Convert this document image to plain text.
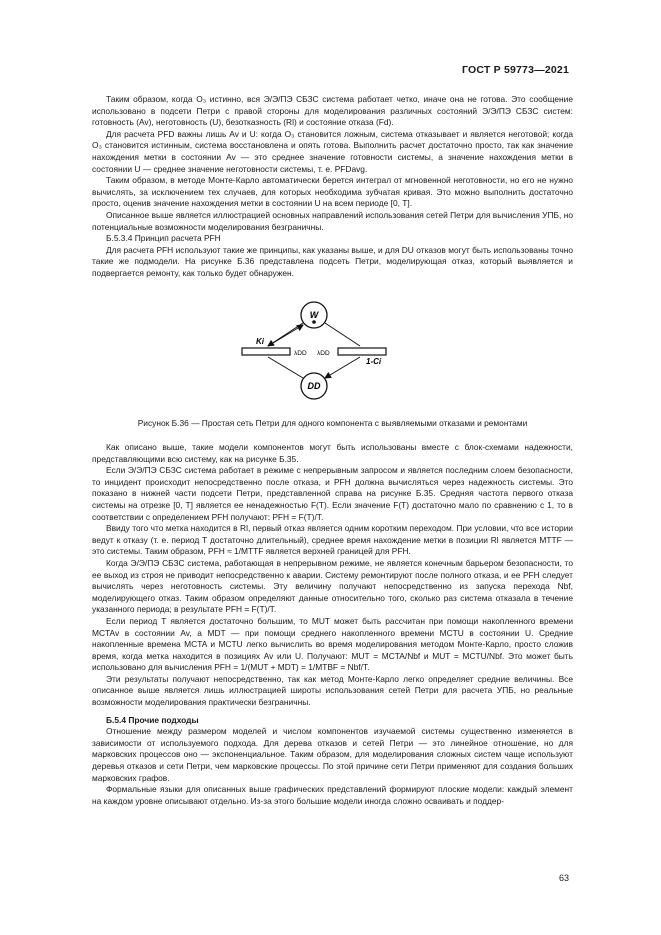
ГОСТ Р 59773—2021

Таким образом, когда O₃ истинно, вся Э/Э/ПЭ СБЗС система работает четко, иначе она не готова. Это сообщение использовано в подсети Петри с правой стороны для моделирования различных состояний Э/Э/ПЭ СБЗС систем: готовность (Av), неготовность (U), безотказность (Rl) и состояние отказа (Fd).

Для расчета PFD важны лишь Av и U: когда O₃ становится ложным, система отказывает и является неготовой; когда O₃ становится истинным, система восстановлена и опять готова. Выполнить расчет достаточно просто, так как значение нахождения метки в состоянии Av — это среднее значение готовности системы, а значение нахождения метки в состоянии U — среднее значение неготовности системы, т. е. PFDavg.

Таким образом, в методе Монте-Карло автоматически берется интеграл от мгновенной неготовности, но его не нужно вычислять, за исключением тех случаев, для которых необходима зубчатая кривая. Это можно выполнить достаточно просто, оценив значение нахождения метки в состоянии U на всем периоде [0, T].

Описанное выше является иллюстрацией основных направлений использования сетей Петри для вычисления УПБ, но потенциальные возможности моделирования безграничны.

Б.5.3.4 Принцип расчета PFH

Для расчета PFH используют такие же принципы, как указаны выше, и для DU отказов могут быть использованы точно такие же подмодели. На рисунке Б.36 представлена подсеть Петри, моделирующая отказ, который выявляется и подвергается ремонту, как только будет обнаружен.

W
DD
Ki
1-Ci
λDD λDD
Рисунок Б.36 — Простая сеть Петри для одного компонента с выявляемыми отказами и ремонтами

Как описано выше, такие модели компонентов могут быть использованы вместе с блок-схемами надежности, представляющими всю систему, как на рисунке Б.35.

Если Э/Э/ПЭ СБЗС система работает в режиме с непрерывным запросом и является последним слоем безопасности, то инцидент происходит непосредственно после отказа, и PFH должна вычисляться через надежность системы. Это показано в нижней части подсети Петри, представленной справа на рисунке Б.35. Средняя частота первого отказа системы на отрезке [0, T] является ее ненадежностью F(T). Если значение F(T) достаточно мало по сравнению с 1, то в соответствии с определением PFH получают: PFH = F(T)/T.

Ввиду того что метка находится в Rl, первый отказ является одним коротким переходом. При условии, что все истории ведут к отказу (т. е. период T достаточно длительный), среднее время нахождение метки в позиции Rl является MTTF — это системы. Таким образом, PFH ≈ 1/MTTF является верхней границей для PFH.

Когда Э/Э/ПЭ СБЗС система, работающая в непрерывном режиме, не является конечным барьером безопасности, то ее выход из строя не приводит непосредственно к аварии. Систему ремонтируют после полного отказа, и ее PFH следует вычислять через неготовность системы. Эту величину получают непосредственно из запуска перехода Nbf, моделирующего отказ. Таким образом определяют данные относительно того, сколько раз система отказала в течение указанного периода; в результате PFH = F(T)/T.

Если период T является достаточно большим, то MUT может быть рассчитан при помощи накопленного времени MCTAv в состоянии Av, а MDT — при помощи среднего накопленного времени MCTU в состоянии U. Средние накопленные времена MCTA и MCTU легко вычислить во время моделирования методом Монте-Карло, просто сложив время, когда метка находится в позициях Av или U. Получают: MUT = MCTA/Nbf и MUT = MCTU/Nbf. Это может быть использовано для вычисления PFH = 1/(MUT + MDT) = 1/MTBF = Nbf/T.

Эти результаты получают непосредственно, так как метод Монте-Карло легко определяет средние величины. Все описанное выше является лишь иллюстрацией широты использования сетей Петри для расчета УПБ, но реальные возможности моделирования практически безграничны.

Б.5.4 Прочие подходы

Отношение между размером моделей и числом компонентов изучаемой системы существенно изменяется в зависимости от используемого подхода. Для дерева отказов и сетей Петри — это линейное отношение, но для марковских процессов оно — экспоненциальное. Таким образом, для моделирования сложных систем чаще используют деревья отказов и сети Петри, чем марковские процессы. По этой причине сети Петри применяют для создания больших марковских графов.

Формальные языки для описанных выше графических представлений формируют плоские модели: каждый элемент на каждом уровне описывают отдельно. Из-за этого большие модели иногда сложно осваивать и поддер-

63
